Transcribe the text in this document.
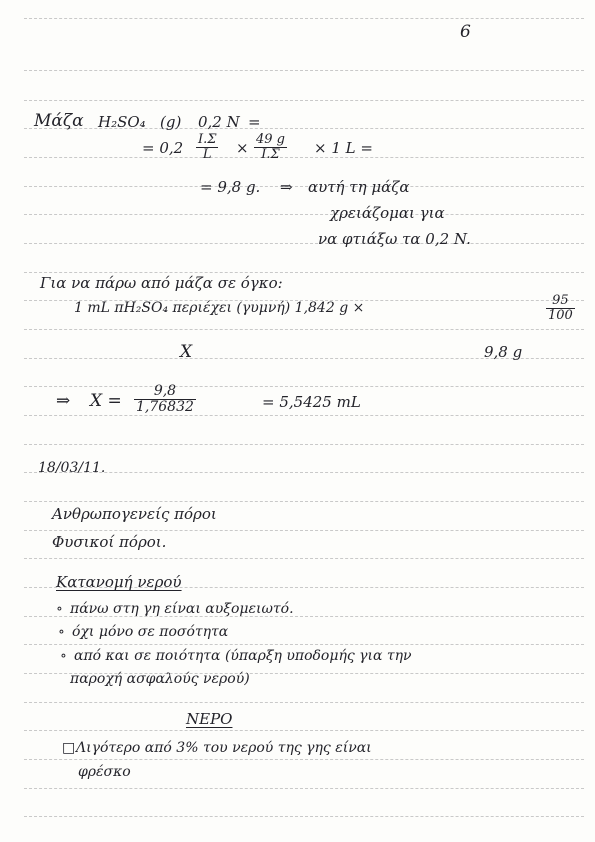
6
Μάζα H₂SO₄ (g) 0,2 N =
= $0,2 \frac{I.\Sigma}{L} \times \frac{49 g}{I.\Sigma} \times 1$ L =
= 9,8 g. ⇒ αυτή τη μάζα
χρειάζομαι για
να φτιάξω τα 0,2 N.
Για να πάρω από μάζα σε όγκο:
1 mL πH₂SO₄ περιέχει (γυμνή) 1,842 g ×	$\frac{95}{100}$
X	9,8 g
⇒ $X = \frac{9,8}{1,76832}$	= 5,5425 mL
18/03/11.
Ανθρωπογενείς πόροι
Φυσικοί πόροι.
Κατανομή νερού
∘ πάνω στη γη είναι αυξομειωτό.
∘ όχι μόνο σε ποσότητα
∘ από και σε ποιότητα (ύπαρξη υποδομής για την
παροχή ασφαλούς νερού)
ΝΕΡΟ
□ Λιγότερο από 3% του νερού της γης είναι
φρέσκο
